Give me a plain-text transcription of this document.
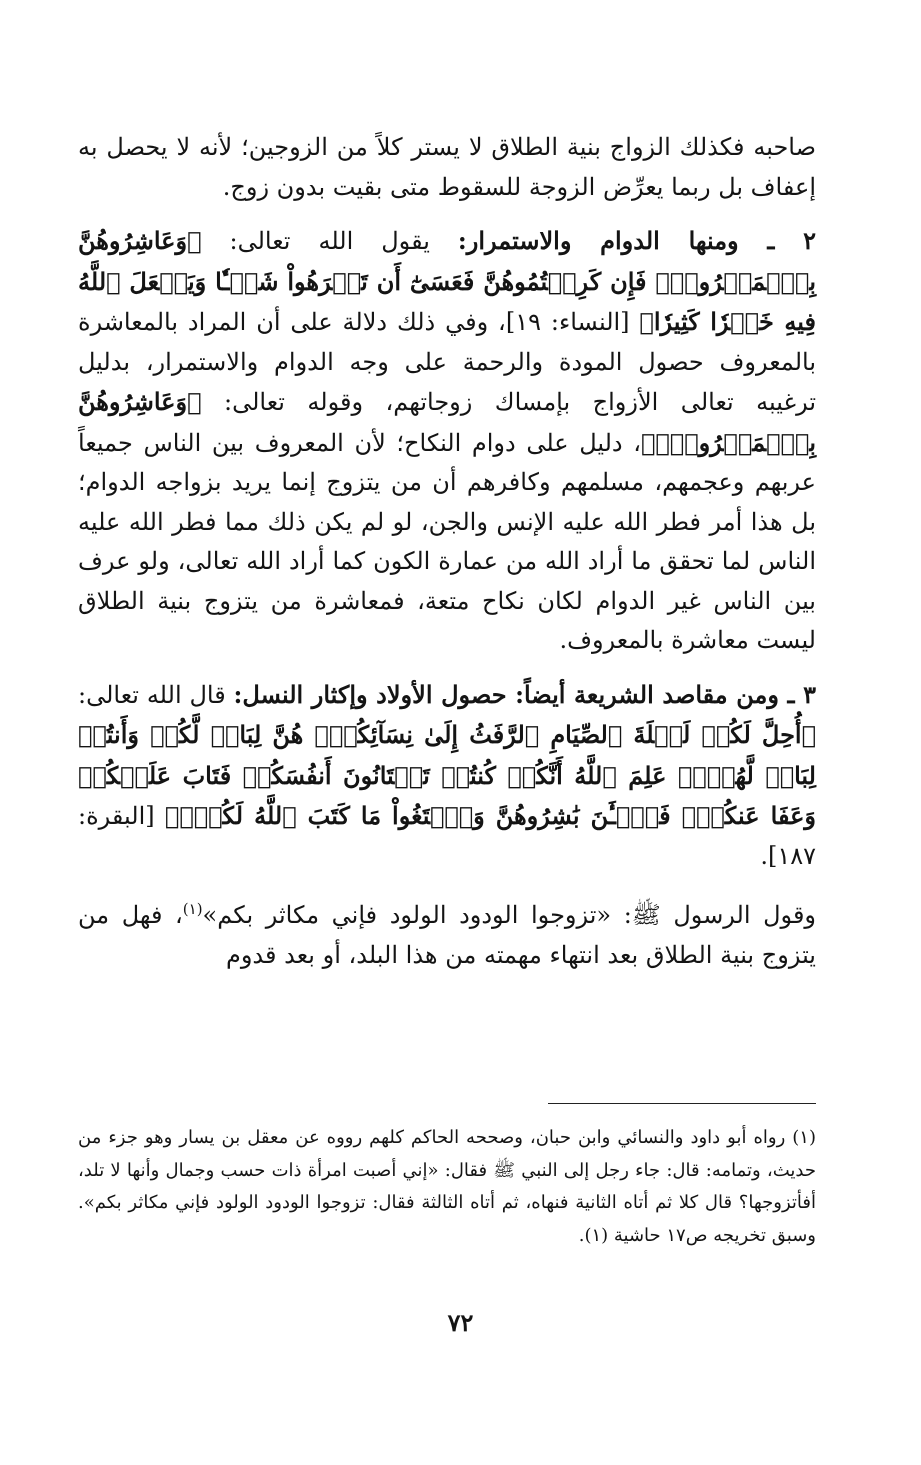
صاحبه فكذلك الزواج بنية الطلاق لا يستر كلاً من الزوجين؛ لأنه لا يحصل به إعفاف بل ربما يعرِّض الزوجة للسقوط متى بقيت بدون زوج.

٢ ـ ومنها الدوام والاستمرار: يقول الله تعالى: ﴿وَعَاشِرُوهُنَّ بِٱلۡمَعۡرُوفِۚ فَإِن كَرِهۡتُمُوهُنَّ فَعَسَىٰٓ أَن تَكۡرَهُواْ شَيۡـٔٗا وَيَجۡعَلَ ٱللَّهُ فِيهِ خَيۡرٗا كَثِيرٗا﴾ [النساء: ١٩]، وفي ذلك دلالة على أن المراد بالمعاشرة بالمعروف حصول المودة والرحمة على وجه الدوام والاستمرار، بدليل ترغيبه تعالى الأزواج بإمساك زوجاتهم، وقوله تعالى: ﴿وَعَاشِرُوهُنَّ بِٱلۡمَعۡرُوفِۚ﴾، دليل على دوام النكاح؛ لأن المعروف بين الناس جميعاً عربهم وعجمهم، مسلمهم وكافرهم أن من يتزوج إنما يريد بزواجه الدوام؛ بل هذا أمر فطر الله عليه الإنس والجن، لو لم يكن ذلك مما فطر الله عليه الناس لما تحقق ما أراد الله من عمارة الكون كما أراد الله تعالى، ولو عرف بين الناس غير الدوام لكان نكاح متعة، فمعاشرة من يتزوج بنية الطلاق ليست معاشرة بالمعروف.

٣ ـ ومن مقاصد الشريعة أيضاً: حصول الأولاد وإكثار النسل: قال الله تعالى: ﴿أُحِلَّ لَكُمۡ لَيۡلَةَ ٱلصِّيَامِ ٱلرَّفَثُ إِلَىٰ نِسَآئِكُمۡۚ هُنَّ لِبَاسٞ لَّكُمۡ وَأَنتُمۡ لِبَاسٞ لَّهُنَّۗ عَلِمَ ٱللَّهُ أَنَّكُمۡ كُنتُمۡ تَخۡتَانُونَ أَنفُسَكُمۡ فَتَابَ عَلَيۡكُمۡ وَعَفَا عَنكُمۡۖ فَٱلۡـَٰٔنَ بَٰشِرُوهُنَّ وَٱبۡتَغُواْ مَا كَتَبَ ٱللَّهُ لَكُمۡۚ﴾ [البقرة: ١٨٧].

وقول الرسول ﷺ: «تزوجوا الودود الولود فإني مكاثر بكم»$^{(١)}$، فهل من يتزوج بنية الطلاق بعد انتهاء مهمته من هذا البلد، أو بعد قدوم

(١) رواه أبو داود والنسائي وابن حبان، وصححه الحاكم كلهم رووه عن معقل بن يسار وهو جزء من حديث، وتمامه: قال: جاء رجل إلى النبي ﷺ فقال: «إني أصبت امرأة ذات حسب وجمال وأنها لا تلد، أفأتزوجها؟ قال كلا ثم أتاه الثانية فنهاه، ثم أتاه الثالثة فقال: تزوجوا الودود الولود فإني مكاثر بكم». وسبق تخريجه ص١٧ حاشية (١).

٧٢
